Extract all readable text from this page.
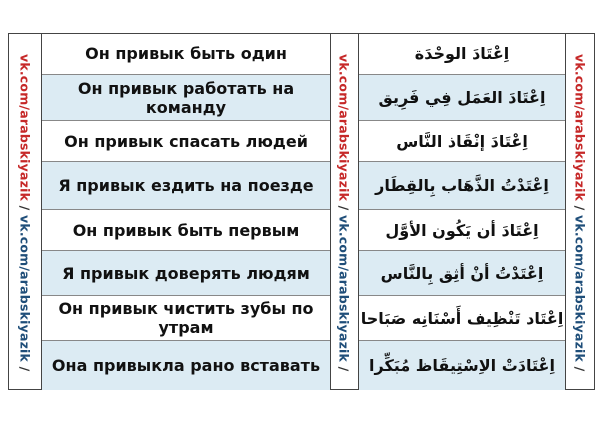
vk.com/arabskiyazik / vk.com/arabskiyazik /
vk.com/arabskiyazik / vk.com/arabskiyazik /
vk.com/arabskiyazik / vk.com/arabskiyazik /
Он привык быть один
Он привык работать на команду
Он привык спасать людей
Я привык ездить на поезде
Он привык быть первым
Я привык доверять людям
Он привык чистить зубы по утрам
Она привыкла рано вставать
اِعْتَادَ الوحْدَة
اِعْتَادَ العَمَل فِي فَرِيق
اِعْتَادَ إنْقَاذ النَّاس
اِعْتَدْتُ الذَّهَاب بِالقِطَار
اِعْتَادَ أن يَكُون الأوَّل
اِعْتَدْتُ أنْ أثِق بِالنَّاس
اِعْتَاد تَنْظِيف أَسْنَانِه صَبَاحا
اِعْتَادَتْ الاِسْتِيقَاظ مُبَكِّرا
